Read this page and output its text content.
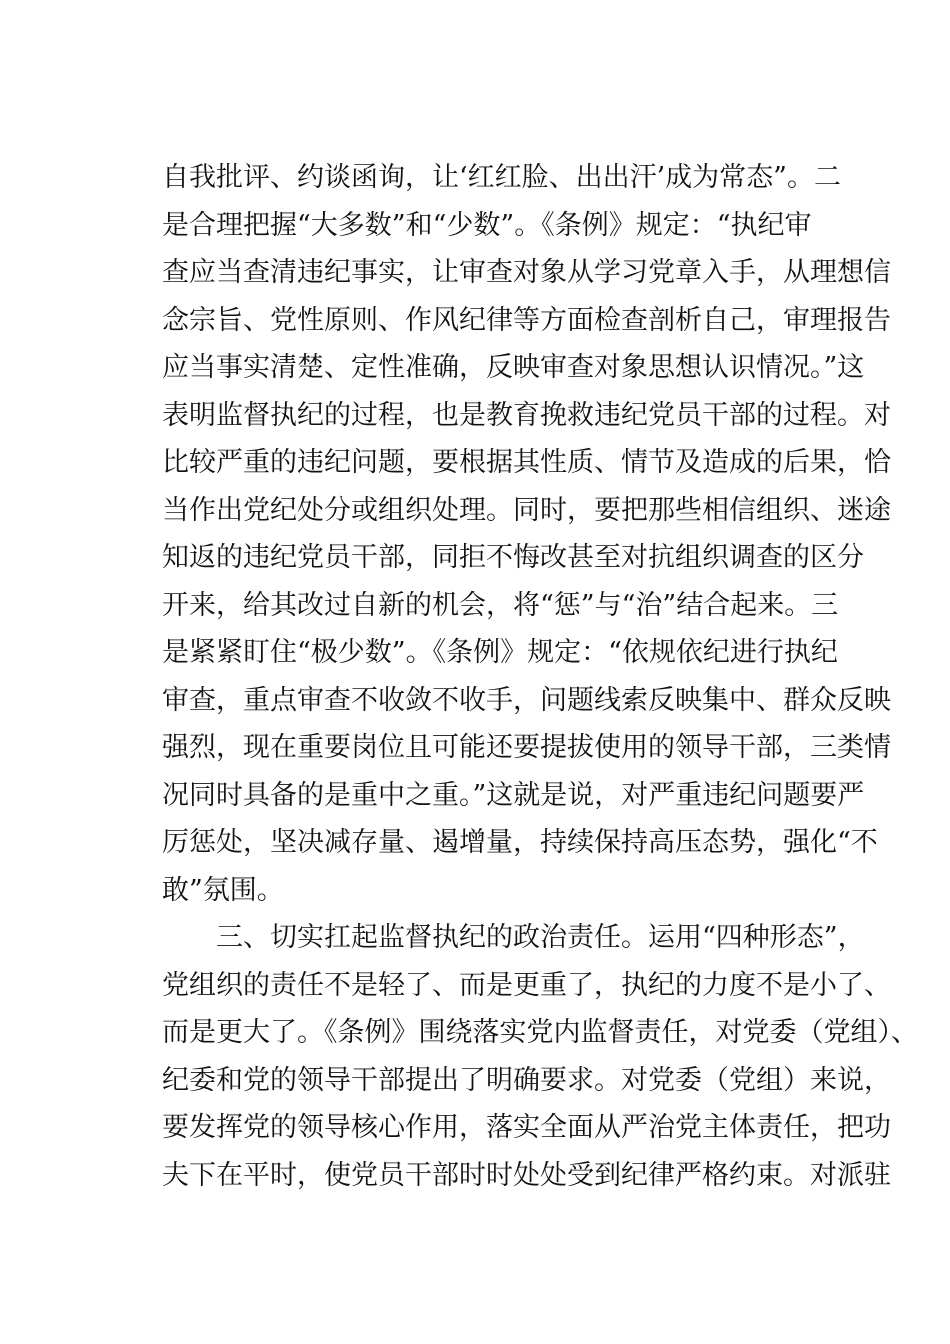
自我批评、约谈函询，让‘红红脸、出出汗’成为常态”。二
是合理把握“大多数”和“少数”。《条例》规定：“执纪审
查应当查清违纪事实，让审查对象从学习党章入手，从理想信
念宗旨、党性原则、作风纪律等方面检查剖析自己，审理报告
应当事实清楚、定性准确，反映审查对象思想认识情况。”这
表明监督执纪的过程，也是教育挽救违纪党员干部的过程。对
比较严重的违纪问题，要根据其性质、情节及造成的后果，恰
当作出党纪处分或组织处理。同时，要把那些相信组织、迷途
知返的违纪党员干部，同拒不悔改甚至对抗组织调查的区分
开来，给其改过自新的机会，将“惩”与“治”结合起来。三
是紧紧盯住“极少数”。《条例》规定：“依规依纪进行执纪
审查，重点审查不收敛不收手，问题线索反映集中、群众反映
强烈，现在重要岗位且可能还要提拔使用的领导干部，三类情
况同时具备的是重中之重。”这就是说，对严重违纪问题要严
厉惩处，坚决减存量、遏增量，持续保持高压态势，强化“不
敢”氛围。
三、切实扛起监督执纪的政治责任。运用“四种形态”，
党组织的责任不是轻了、而是更重了，执纪的力度不是小了、
而是更大了。《条例》围绕落实党内监督责任，对党委（党组）、
纪委和党的领导干部提出了明确要求。对党委（党组）来说，
要发挥党的领导核心作用，落实全面从严治党主体责任，把功
夫下在平时，使党员干部时时处处受到纪律严格约束。对派驻
